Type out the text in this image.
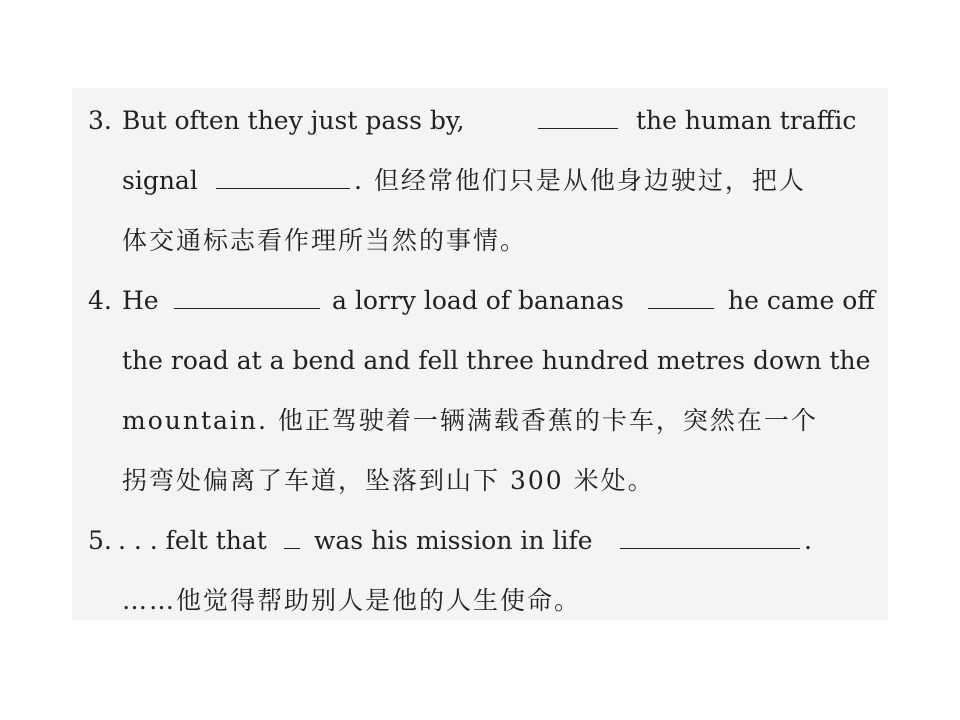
3. But often they just pass by,	the human traffic
signal	. 但经常他们只是从他身边驶过，把人
体交通标志看作理所当然的事情。
4. He	a lorry load of bananas	he came off
the road at a bend and fell three hundred metres down the
mountain. 他正驾驶着一辆满载香蕉的卡车，突然在一个
拐弯处偏离了车道，坠落到山下 300 米处。
5. . . . felt that was his mission in life	.
……他觉得帮助别人是他的人生使命。
